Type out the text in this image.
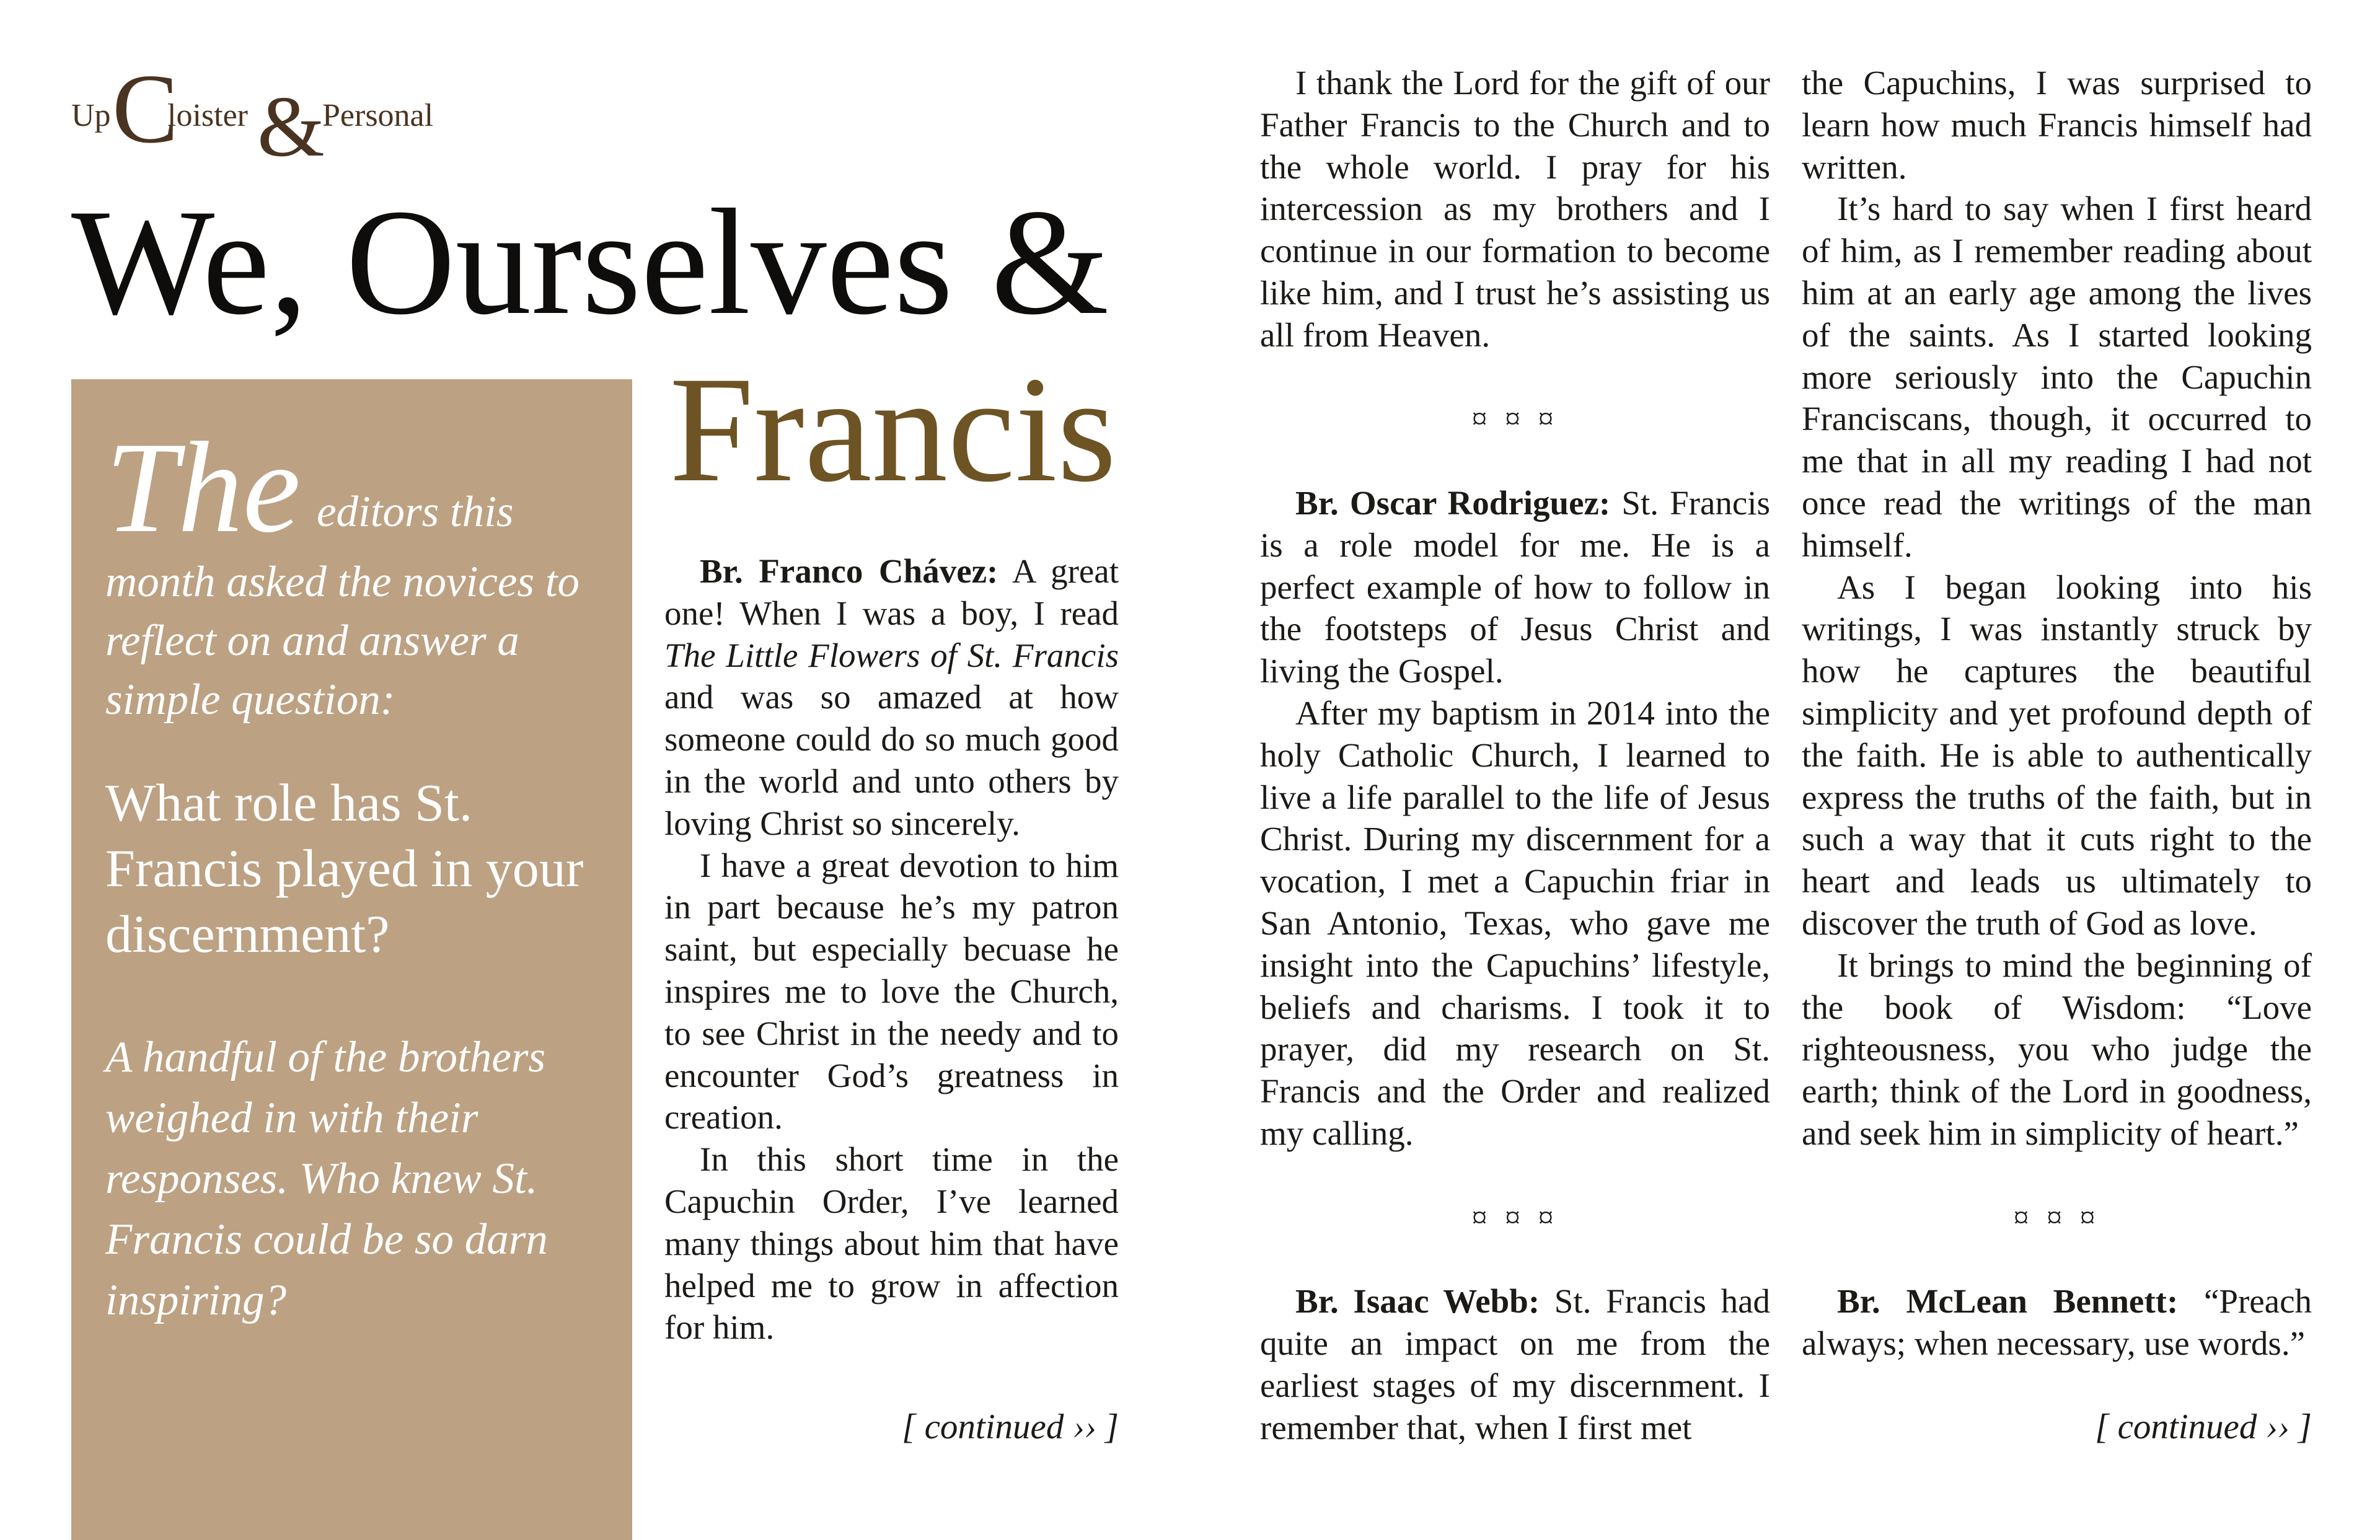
Up C
loister &
Personal
We, Ourselves &
Francis
The editors this month asked the novices to reflect on and answer a simple question:
What role has St. Francis played in your discernment?
A handful of the brothers weighed in with their responses. Who knew St. Francis could be so darn inspiring?

Br. Franco Chávez: A great one! When I was a boy, I read The Little Flowers of St. Francis and was so amazed at how someone could do so much good in the world and unto others by loving Christ so sincerely.

I have a great devotion to him in part because he’s my patron saint, but especially becuase he inspires me to love the Church, to see Christ in the needy and to encounter God’s greatness in creation.

In this short time in the Capuchin Order, I’ve learned many things about him that have helped me to grow in affection for him.

[ continued ›› ]

I thank the Lord for the gift of our Father Francis to the Church and to the whole world. I pray for his intercession as my brothers and I continue in our formation to become like him, and I trust he’s assisting us all from Heaven.

¤ ¤ ¤

Br. Oscar Rodriguez: St. Francis is a role model for me. He is a perfect example of how to follow in the footsteps of Jesus Christ and living the Gospel.

After my baptism in 2014 into the holy Catholic Church, I learned to live a life parallel to the life of Jesus Christ. During my discernment for a vocation, I met a Capuchin friar in San Antonio, Texas, who gave me insight into the Capuchins’ lifestyle, beliefs and charisms. I took it to prayer, did my research on St. Francis and the Order and realized my calling.

¤ ¤ ¤

Br. Isaac Webb: St. Francis had quite an impact on me from the earliest stages of my discernment. I remember that, when I first met

the Capuchins, I was surprised to learn how much Francis himself had written.

It’s hard to say when I first heard of him, as I remember reading about him at an early age among the lives of the saints. As I started looking more seriously into the Capuchin Franciscans, though, it occurred to me that in all my reading I had not once read the writings of the man himself.

As I began looking into his writings, I was instantly struck by how he captures the beautiful simplicity and yet profound depth of the faith. He is able to authentically express the truths of the faith, but in such a way that it cuts right to the heart and leads us ultimately to discover the truth of God as love.

It brings to mind the beginning of the book of Wisdom: “Love righteousness, you who judge the earth; think of the Lord in goodness, and seek him in simplicity of heart.”

¤ ¤ ¤

Br. McLean Bennett: “Preach always; when necessary, use words.”

[ continued ›› ]
